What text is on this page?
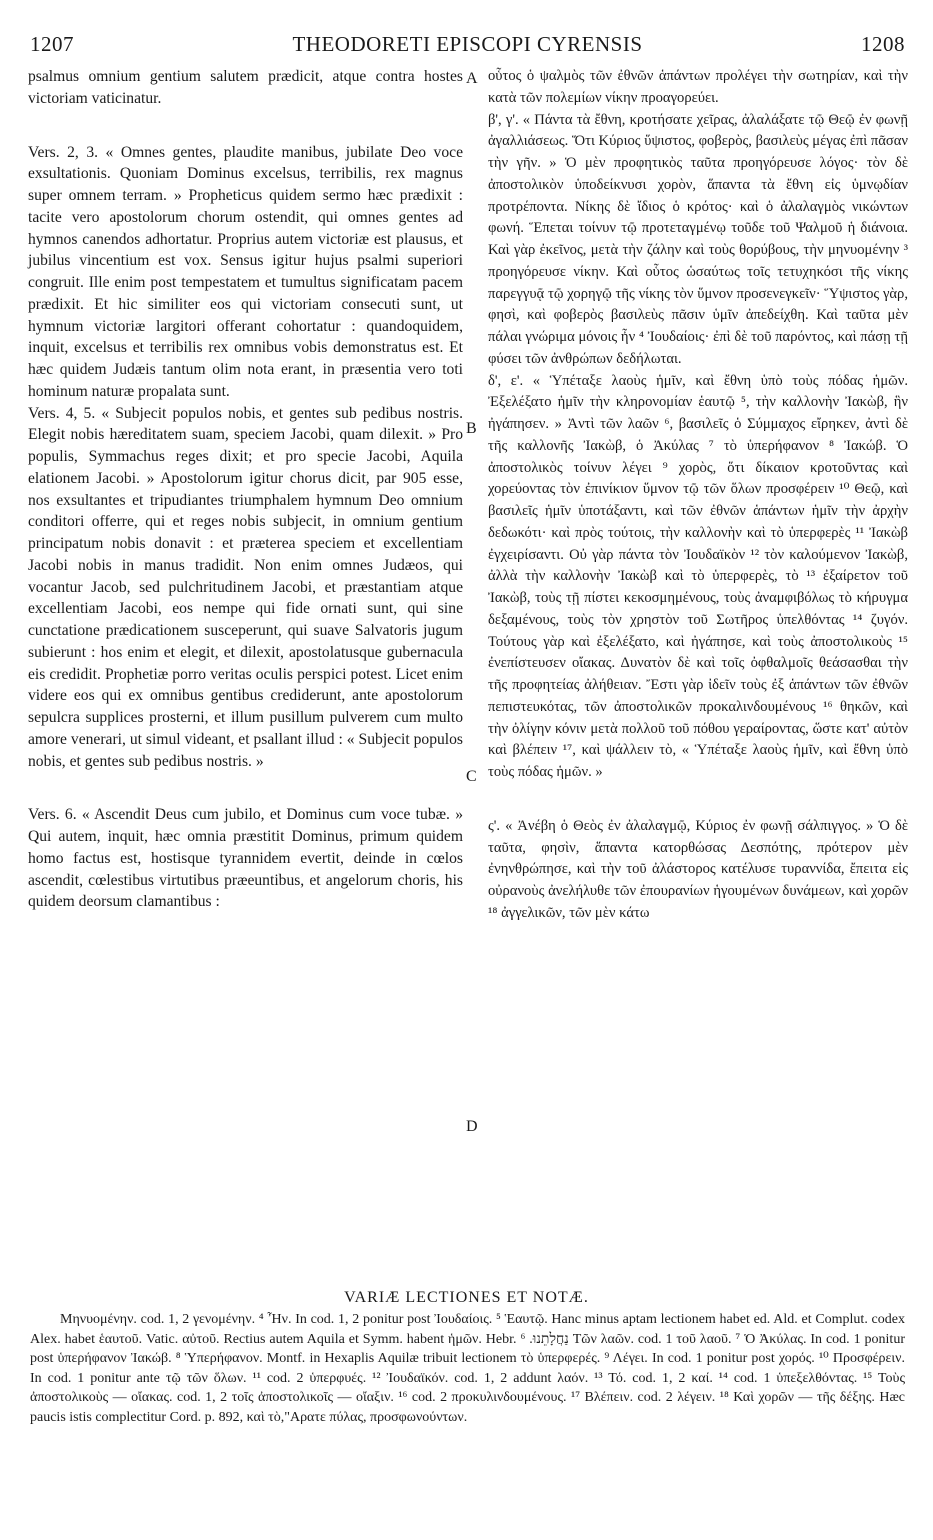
1207	THEODORETI EPISCOPI CYRENSIS	1208

psalmus omnium gentium salutem prædicit, atque contra hostes victoriam vaticinatur.

Vers. 2, 3. « Omnes gentes, plaudite manibus, jubilate Deo voce exsultationis. Quoniam Dominus excelsus, terribilis, rex magnus super omnem terram. » Propheticus quidem sermo hæc prædixit : tacite vero apostolorum chorum ostendit, qui omnes gentes ad hymnos canendos adhortatur. Proprius autem victoriæ est plausus, et jubilus vincentium est vox. Sensus igitur hujus psalmi superiori congruit. Ille enim post tempestatem et tumultus significatam pacem prædixit. Et hic similiter eos qui victoriam consecuti sunt, ut hymnum victoriæ largitori offerant cohortatur : quandoquidem, inquit, excelsus et terribilis rex omnibus vobis demonstratus est. Et hæc quidem Judæis tantum olim nota erant, in præsentia vero toti hominum naturæ propalata sunt.

Vers. 4, 5. « Subjecit populos nobis, et gentes sub pedibus nostris. Elegit nobis hæreditatem suam, speciem Jacobi, quam dilexit. » Pro populis, Symmachus reges dixit; et pro specie Jacobi, Aquila elationem Jacobi. » Apostolorum igitur chorus dicit, par 905 esse, nos exsultantes et tripudiantes triumphalem hymnum Deo omnium conditori offerre, qui et reges nobis subjecit, in omnium gentium principatum nobis donavit : et præterea speciem et excellentiam Jacobi nobis in manus tradidit. Non enim omnes Judæos, qui vocantur Jacob, sed pulchritudinem Jacobi, et præstantiam atque excellentiam Jacobi, eos nempe qui fide ornati sunt, qui sine cunctatione prædicationem susceperunt, qui suave Salvatoris jugum subierunt : hos enim et elegit, et dilexit, apostolatusque gubernacula eis credidit. Prophetiæ porro veritas oculis perspici potest. Licet enim videre eos qui ex omnibus gentibus crediderunt, ante apostolorum sepulcra supplices prosterni, et illum pusillum pulverem cum multo amore venerari, ut simul videant, et psallant illud : « Subjecit populos nobis, et gentes sub pedibus nostris. »

Vers. 6. « Ascendit Deus cum jubilo, et Dominus cum voce tubæ. » Qui autem, inquit, hæc omnia præstitit Dominus, primum quidem homo factus est, hostisque tyrannidem evertit, deinde in cœlos ascendit, cœlestibus virtutibus præeuntibus, et angelorum choris, his quidem deorsum clamantibus :

A
B
C
D

οὗτος ὁ ψαλμὸς τῶν ἐθνῶν ἁπάντων προλέγει τὴν σωτηρίαν, καὶ τὴν κατὰ τῶν πολεμίων νίκην προαγορεύει.

β', γ'. « Πάντα τὰ ἔθνη, κροτήσατε χεῖρας, ἀλαλάξατε τῷ Θεῷ ἐν φωνῇ ἀγαλλιάσεως. Ὅτι Κύριος ὕψιστος, φοβερὸς, βασιλεὺς μέγας ἐπὶ πᾶσαν τὴν γῆν. » Ὁ μὲν προφητικὸς ταῦτα προηγόρευσε λόγος· τὸν δὲ ἀποστολικὸν ὑποδείκνυσι χορὸν, ἅπαντα τὰ ἔθνη εἰς ὑμνῳδίαν προτρέποντα. Νίκης δὲ ἴδιος ὁ κρότος· καὶ ὁ ἀλαλαγμὸς νικώντων φωνή. Ἕπεται τοίνυν τῷ προτεταγμένῳ τοῦδε τοῦ Ψαλμοῦ ἡ διάνοια. Καὶ γὰρ ἐκεῖνος, μετὰ τὴν ζάλην καὶ τοὺς θορύβους, τὴν μηνυομένην ³ προηγόρευσε νίκην. Καὶ οὗτος ὡσαύτως τοῖς τετυχηκόσι τῆς νίκης παρεγγυᾷ τῷ χορηγῷ τῆς νίκης τὸν ὕμνον προσενεγκεῖν· Ὕψιστος γὰρ, φησὶ, καὶ φοβερὸς βασιλεὺς πᾶσιν ὑμῖν ἀπεδείχθη. Καὶ ταῦτα μὲν πάλαι γνώριμα μόνοις ἦν ⁴ Ἰουδαίοις· ἐπὶ δὲ τοῦ παρόντος, καὶ πάσῃ τῇ φύσει τῶν ἀνθρώπων δεδήλωται.

δ', ε'. « Ὑπέταξε λαοὺς ἡμῖν, καὶ ἔθνη ὑπὸ τοὺς πόδας ἡμῶν. Ἐξελέξατο ἡμῖν τὴν κληρονομίαν ἑαυτῷ ⁵, τὴν καλλονὴν Ἰακὼβ, ἣν ἠγάπησεν. » Ἀντὶ τῶν λαῶν ⁶, βασιλεῖς ὁ Σύμμαχος εἴρηκεν, ἀντὶ δὲ τῆς καλλονῆς Ἰακὼβ, ὁ Ἀκύλας ⁷ τὸ ὑπερήφανον ⁸ Ἰακώβ. Ὁ ἀποστολικὸς τοίνυν λέγει ⁹ χορὸς, ὅτι δίκαιον κροτοῦντας καὶ χορεύοντας τὸν ἐπινίκιον ὕμνον τῷ τῶν ὅλων προσφέρειν ¹⁰ Θεῷ, καὶ βασιλεῖς ἡμῖν ὑποτάξαντι, καὶ τῶν ἐθνῶν ἁπάντων ἡμῖν τὴν ἀρχὴν δεδωκότι· καὶ πρὸς τούτοις, τὴν καλλονὴν καὶ τὸ ὑπερφερὲς ¹¹ Ἰακὼβ ἐγχειρίσαντι. Οὐ γὰρ πάντα τὸν Ἰουδαϊκὸν ¹² τὸν καλούμενον Ἰακὼβ, ἀλλὰ τὴν καλλονὴν Ἰακὼβ καὶ τὸ ὑπερφερὲς, τὸ ¹³ ἐξαίρετον τοῦ Ἰακὼβ, τοὺς τῇ πίστει κεκοσμημένους, τοὺς ἀναμφιβόλως τὸ κήρυγμα δεξαμένους, τοὺς τὸν χρηστὸν τοῦ Σωτῆρος ὑπελθόντας ¹⁴ ζυγόν. Τούτους γὰρ καὶ ἐξελέξατο, καὶ ἠγάπησε, καὶ τοὺς ἀποστολικοὺς ¹⁵ ἐνεπίστευσεν οἴακας. Δυνατὸν δὲ καὶ τοῖς ὀφθαλμοῖς θεάσασθαι τὴν τῆς προφητείας ἀλήθειαν. Ἔστι γὰρ ἰδεῖν τοὺς ἐξ ἁπάντων τῶν ἐθνῶν πεπιστευκότας, τῶν ἀποστολικῶν προκαλινδουμένους ¹⁶ θηκῶν, καὶ τὴν ὀλίγην κόνιν μετὰ πολλοῦ τοῦ πόθου γεραίροντας, ὥστε κατ' αὐτὸν καὶ βλέπειν ¹⁷, καὶ ψάλλειν τὸ, « Ὑπέταξε λαοὺς ἡμῖν, καὶ ἔθνη ὑπὸ τοὺς πόδας ἡμῶν. »

ς'. « Ἀνέβη ὁ Θεὸς ἐν ἀλαλαγμῷ, Κύριος ἐν φωνῇ σάλπιγγος. » Ὁ δὲ ταῦτα, φησὶν, ἅπαντα κατορθώσας Δεσπότης, πρότερον μὲν ἐνηνθρώπησε, καὶ τὴν τοῦ ἀλάστορος κατέλυσε τυραννίδα, ἔπειτα εἰς οὐρανοὺς ἀνελήλυθε τῶν ἐπουρανίων ἡγουμένων δυνάμεων, καὶ χορῶν ¹⁸ ἀγγελικῶν, τῶν μὲν κάτω

VARIÆ LECTIONES ET NOTÆ.

Μηνυομένην. cod. 1, 2 γενομένην. ⁴ Ἦν. In cod. 1, 2 ponitur post Ἰουδαίοις. ⁵ Ἑαυτῷ. Hanc minus aptam lectionem habet ed. Ald. et Complut. codex Alex. habet ἑαυτοῦ. Vatic. αὐτοῦ. Rectius autem Aquila et Symm. habent ἡμῶν. Hebr. נַחֲלָתֵנוּ. ⁶ Τῶν λαῶν. cod. 1 τοῦ λαοῦ. ⁷ Ὁ Ἀκύλας. In cod. 1 ponitur post ὑπερήφανον Ἰακώβ. ⁸ Ὑπερήφανον. Montf. in Hexaplis Aquilæ tribuit lectionem τὸ ὑπερφερές. ⁹ Λέγει. In cod. 1 ponitur post χορός. ¹⁰ Προσφέρειν. In cod. 1 ponitur ante τῷ τῶν ὅλων. ¹¹ cod. 2 ὑπερφυές. ¹² Ἰουδαϊκόν. cod. 1, 2 addunt λαόν. ¹³ Τό. cod. 1, 2 καί. ¹⁴ cod. 1 ὑπεξελθόντας. ¹⁵ Τοὺς ἀποστολικοὺς — οἴακας. cod. 1, 2 τοῖς ἀποστολικοῖς — οἴαξιν. ¹⁶ cod. 2 προκυλινδουμένους. ¹⁷ Βλέπειν. cod. 2 λέγειν. ¹⁸ Καὶ χορῶν — τῆς δέξης. Hæc paucis istis complectitur Cord. p. 892, καὶ τὸ,"Αρατε πύλας, προσφωνούντων.
